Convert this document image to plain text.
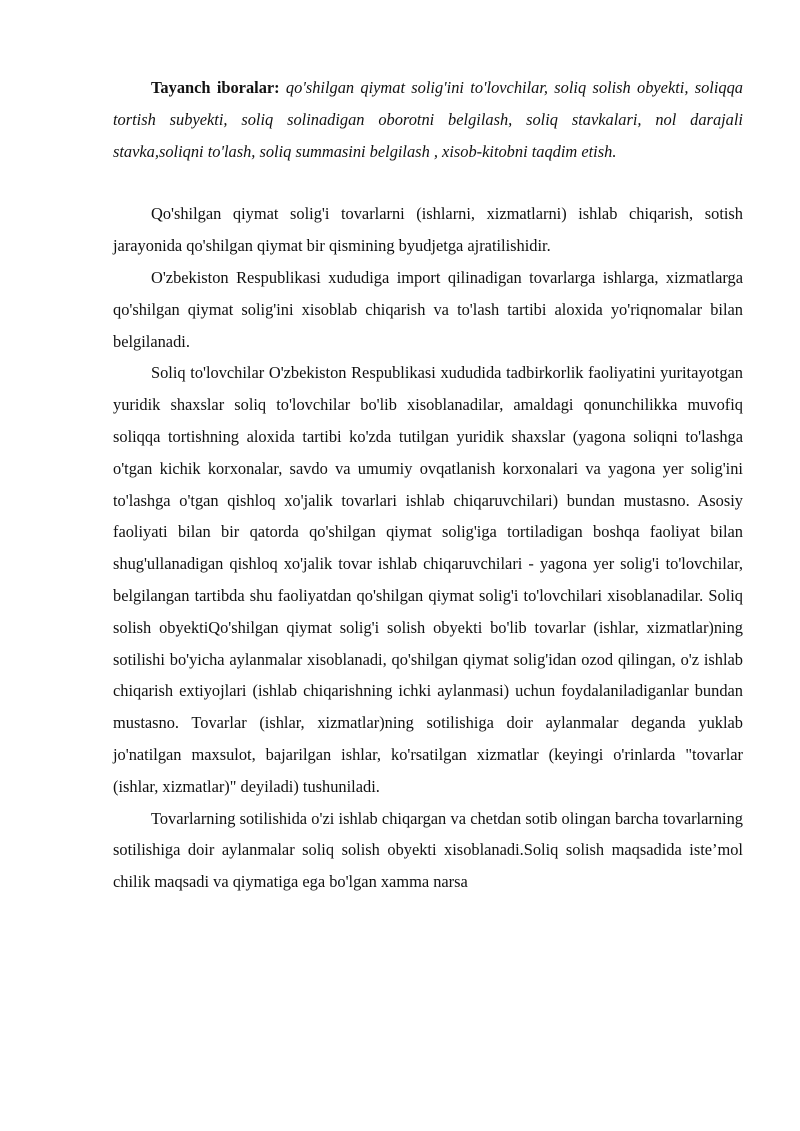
Tayanch iboralar: qo'shilgan qiymat solig'ini to'lovchilar, soliq solish obyekti, soliqqa tortish subyekti, soliq solinadigan oborotni belgilash, soliq stavkalari, nol darajali stavka,soliqni to'lash, soliq summasini belgilash , xisob-kitobni taqdim etish.

Qo'shilgan qiymat solig'i tovarlarni (ishlarni, xizmatlarni) ishlab chiqarish, sotish jarayonida qo'shilgan qiymat bir qismining byudjetga ajratilishidir.

O'zbekiston Respublikasi xududiga import qilinadigan tovarlarga ishlarga, xizmatlarga qo'shilgan qiymat solig'ini xisoblab chiqarish va to'lash tartibi aloxida yo'riqnomalar bilan belgilanadi.

Soliq to'lovchilar O'zbekiston Respublikasi xududida tadbirkorlik faoliyatini yuritayotgan yuridik shaxslar soliq to'lovchilar bo'lib xisoblanadilar, amaldagi qonunchilikka muvofiq soliqqa tortishning aloxida tartibi ko'zda tutilgan yuridik shaxslar (yagona soliqni to'lashga o'tgan kichik korxonalar, savdo va umumiy ovqatlanish korxonalari va yagona yer solig'ini to'lashga o'tgan qishloq xo'jalik tovarlari ishlab chiqaruvchilari) bundan mustasno. Asosiy faoliyati bilan bir qatorda qo'shilgan qiymat solig'iga tortiladigan boshqa faoliyat bilan shug'ullanadigan qishloq xo'jalik tovar ishlab chiqaruvchilari - yagona yer solig'i to'lovchilar, belgilangan tartibda shu faoliyatdan qo'shilgan qiymat solig'i to'lovchilari xisoblanadilar. Soliq solish obyektiQo'shilgan qiymat solig'i solish obyekti bo'lib tovarlar (ishlar, xizmatlar)ning sotilishi bo'yicha aylanmalar xisoblanadi, qo'shilgan qiymat solig'idan ozod qilingan, o'z ishlab chiqarish extiyojlari (ishlab chiqarishning ichki aylanmasi) uchun foydalaniladiganlar bundan mustasno. Tovarlar (ishlar, xizmatlar)ning sotilishiga doir aylanmalar deganda yuklab jo'natilgan maxsulot, bajarilgan ishlar, ko'rsatilgan xizmatlar (keyingi o'rinlarda "tovarlar (ishlar, xizmatlar)" deyiladi) tushuniladi.

Tovarlarning sotilishida o'zi ishlab chiqargan va chetdan sotib olingan barcha tovarlarning sotilishiga doir aylanmalar soliq solish obyekti xisoblanadi.Soliq solish maqsadida iste’mol chilik maqsadi va qiymatiga ega bo'lgan xamma narsa
